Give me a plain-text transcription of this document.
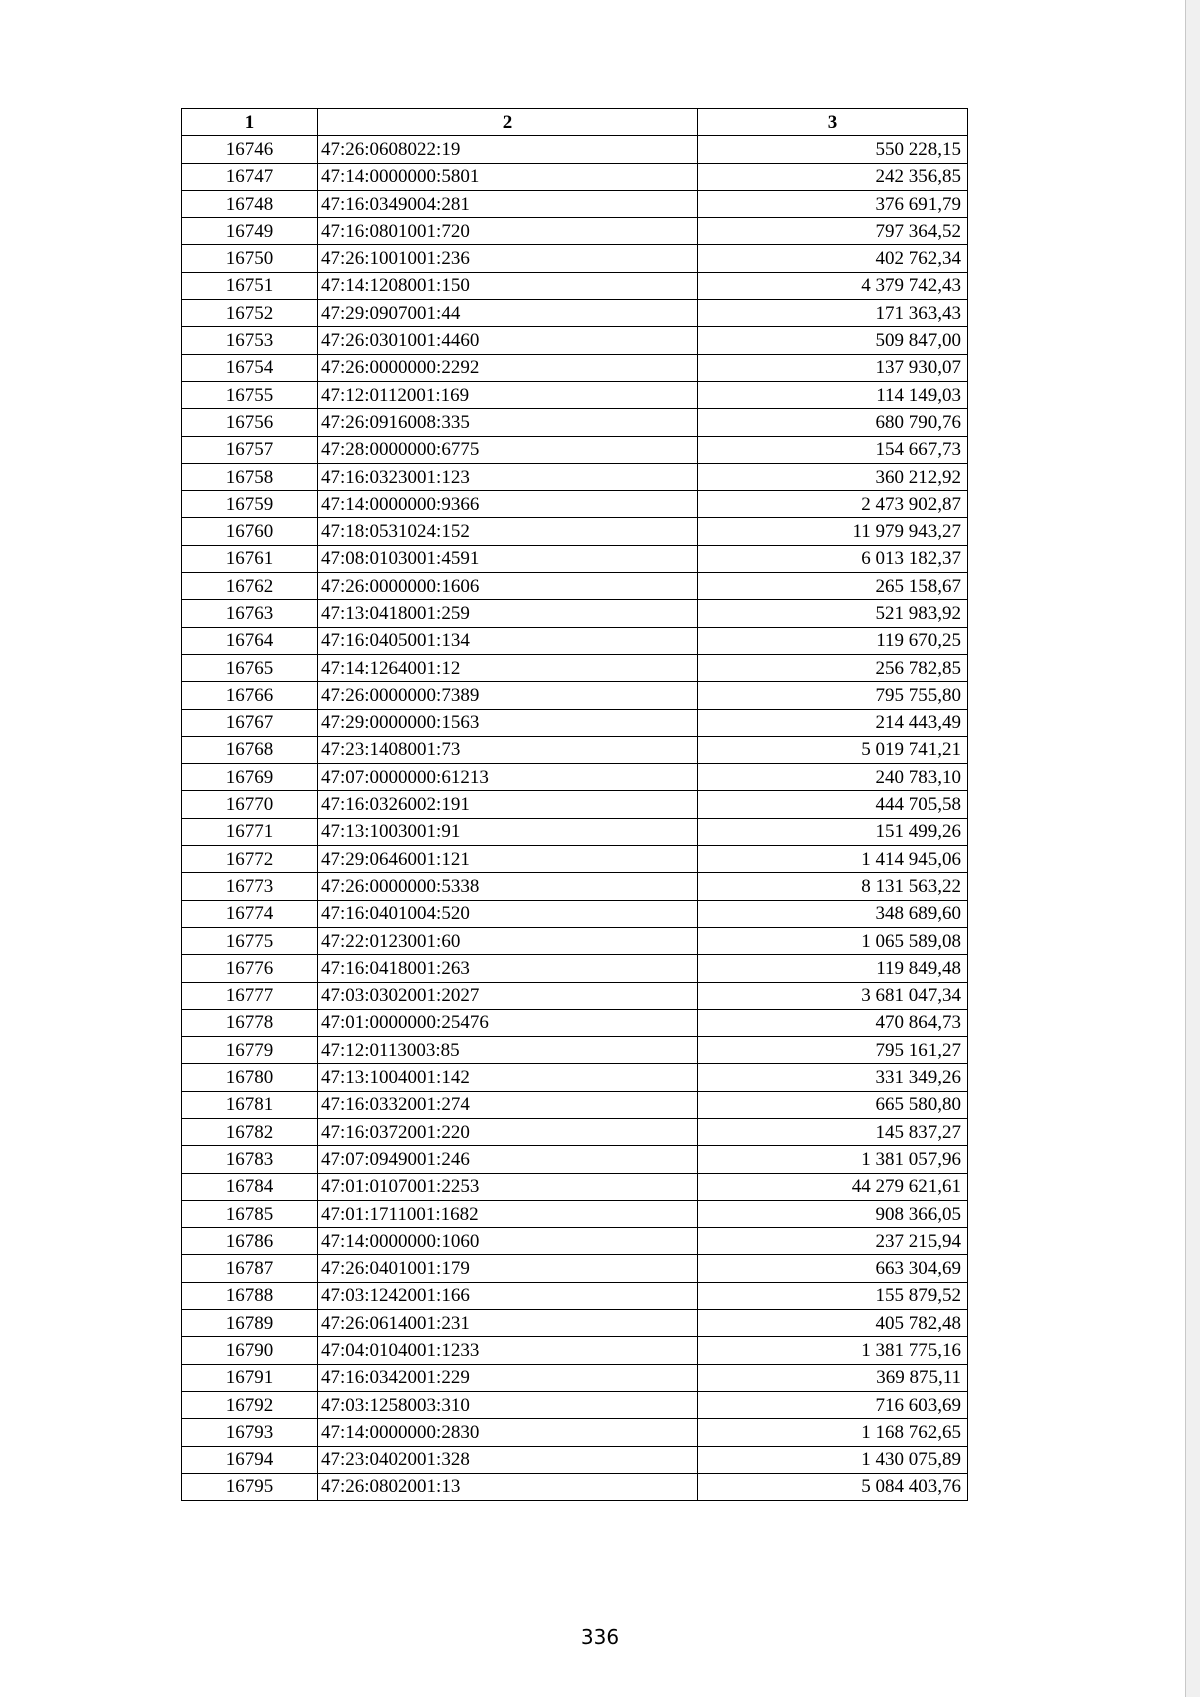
1	2	3
16746	47:26:0608022:19	550 228,15
16747	47:14:0000000:5801	242 356,85
16748	47:16:0349004:281	376 691,79
16749	47:16:0801001:720	797 364,52
16750	47:26:1001001:236	402 762,34
16751	47:14:1208001:150	4 379 742,43
16752	47:29:0907001:44	171 363,43
16753	47:26:0301001:4460	509 847,00
16754	47:26:0000000:2292	137 930,07
16755	47:12:0112001:169	114 149,03
16756	47:26:0916008:335	680 790,76
16757	47:28:0000000:6775	154 667,73
16758	47:16:0323001:123	360 212,92
16759	47:14:0000000:9366	2 473 902,87
16760	47:18:0531024:152	11 979 943,27
16761	47:08:0103001:4591	6 013 182,37
16762	47:26:0000000:1606	265 158,67
16763	47:13:0418001:259	521 983,92
16764	47:16:0405001:134	119 670,25
16765	47:14:1264001:12	256 782,85
16766	47:26:0000000:7389	795 755,80
16767	47:29:0000000:1563	214 443,49
16768	47:23:1408001:73	5 019 741,21
16769	47:07:0000000:61213	240 783,10
16770	47:16:0326002:191	444 705,58
16771	47:13:1003001:91	151 499,26
16772	47:29:0646001:121	1 414 945,06
16773	47:26:0000000:5338	8 131 563,22
16774	47:16:0401004:520	348 689,60
16775	47:22:0123001:60	1 065 589,08
16776	47:16:0418001:263	119 849,48
16777	47:03:0302001:2027	3 681 047,34
16778	47:01:0000000:25476	470 864,73
16779	47:12:0113003:85	795 161,27
16780	47:13:1004001:142	331 349,26
16781	47:16:0332001:274	665 580,80
16782	47:16:0372001:220	145 837,27
16783	47:07:0949001:246	1 381 057,96
16784	47:01:0107001:2253	44 279 621,61
16785	47:01:1711001:1682	908 366,05
16786	47:14:0000000:1060	237 215,94
16787	47:26:0401001:179	663 304,69
16788	47:03:1242001:166	155 879,52
16789	47:26:0614001:231	405 782,48
16790	47:04:0104001:1233	1 381 775,16
16791	47:16:0342001:229	369 875,11
16792	47:03:1258003:310	716 603,69
16793	47:14:0000000:2830	1 168 762,65
16794	47:23:0402001:328	1 430 075,89
16795	47:26:0802001:13	5 084 403,76
336
